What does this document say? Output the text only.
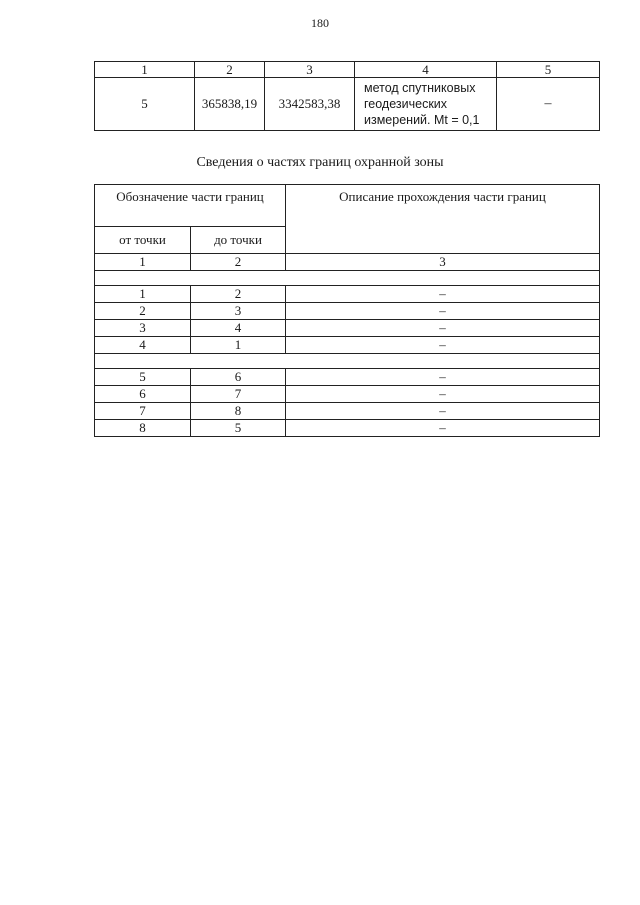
180
1	2	3	4	5
5	365838,19	3342583,38	метод спутниковых
геодезических
измерений. Mt = 0,1	–
Сведения о частях границ охранной зоны
Обозначение части границ		Описание прохождения части границ
от точки	до точки	
1	2	3

1	2	–
2	3	–
3	4	–
4	1	–

5	6	–
6	7	–
7	8	–
8	5	–
